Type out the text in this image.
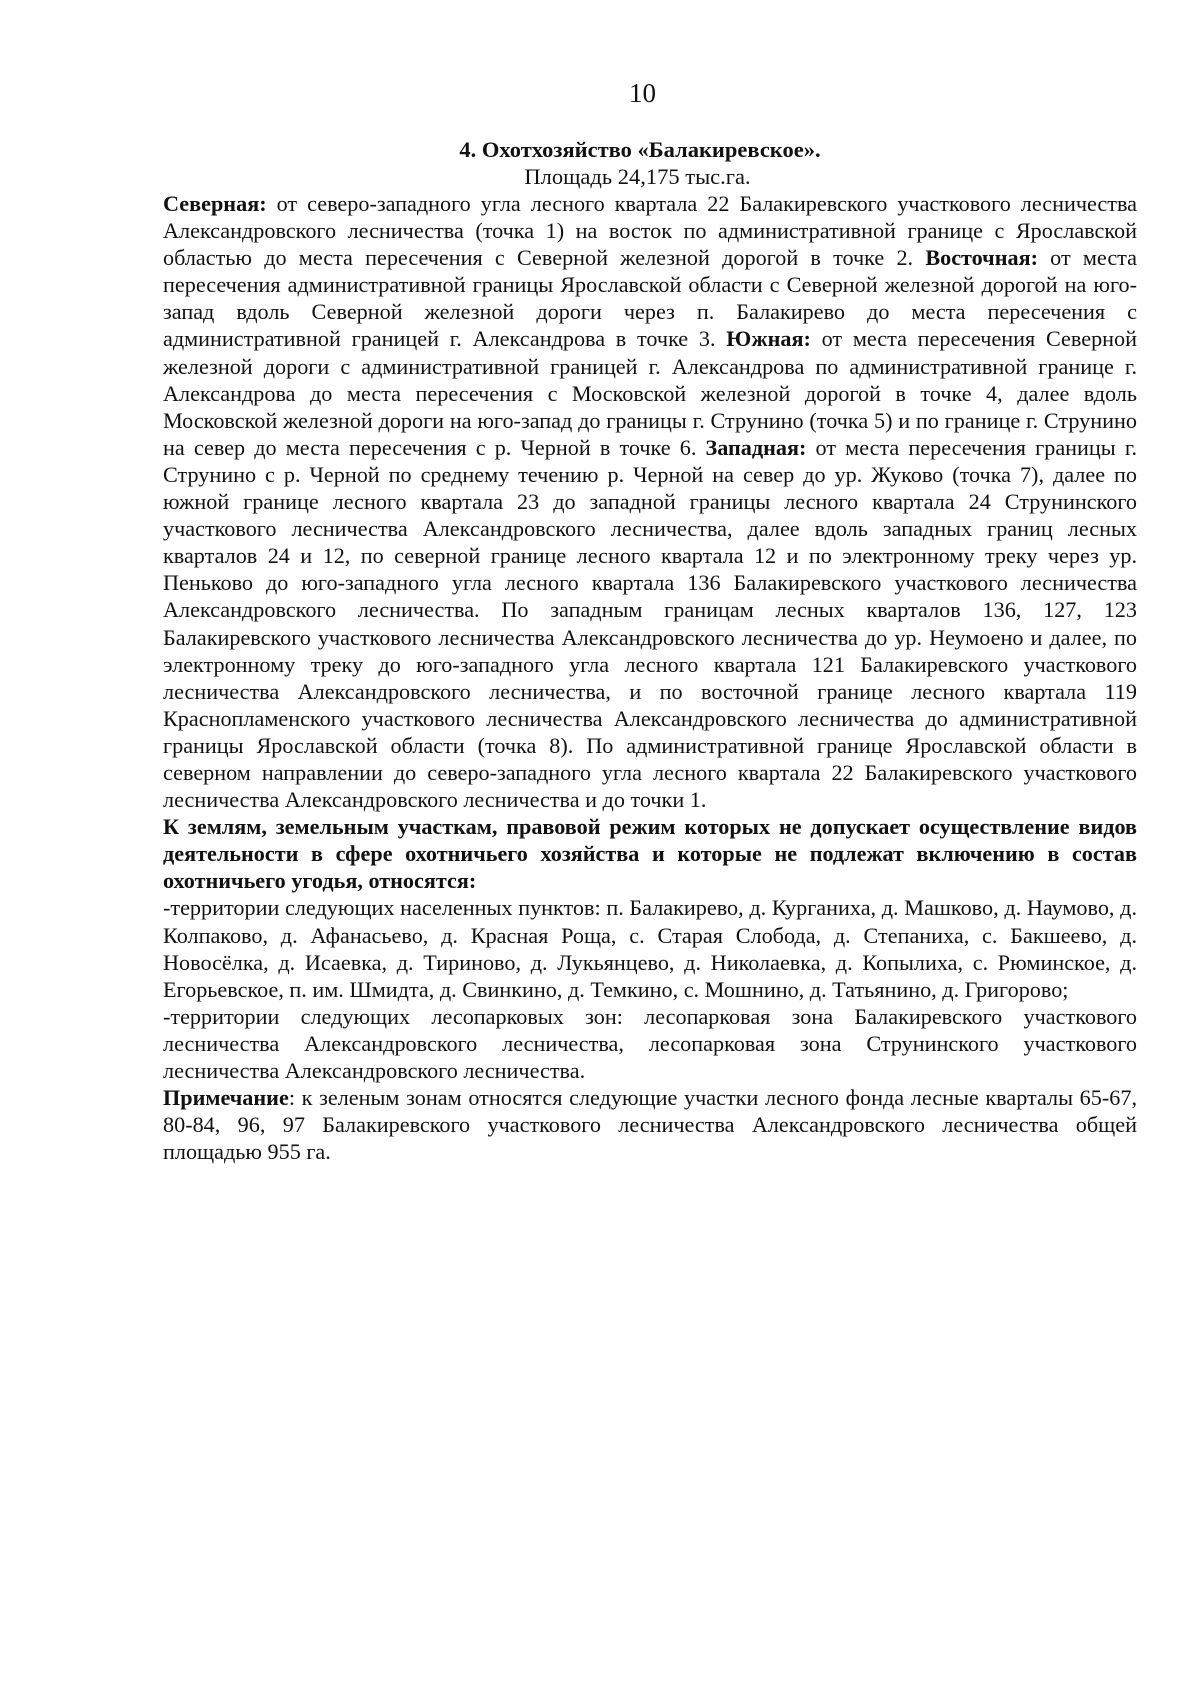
10
4. Охотхозяйство «Балакиревское».
Площадь 24,175 тыс.га.

Северная: от северо-западного угла лесного квартала 22 Балакиревского участкового лесничества Александровского лесничества (точка 1) на восток по административной границе с Ярославской областью до места пересечения с Северной железной дорогой в точке 2. Восточная: от места пересечения административной границы Ярославской области с Северной железной дорогой на юго-запад вдоль Северной железной дороги через п. Балакирево до места пересечения с административной границей г. Александрова в точке 3. Южная: от места пересечения Северной железной дороги с административной границей г. Александрова по административной границе г. Александрова до места пересечения с Московской железной дорогой в точке 4, далее вдоль Московской железной дороги на юго-запад до границы г. Струнино (точка 5) и по границе г. Струнино на север до места пересечения с р. Черной в точке 6. Западная: от места пересечения границы г. Струнино с р. Черной по среднему течению р. Черной на север до ур. Жуково (точка 7), далее по южной границе лесного квартала 23 до западной границы лесного квартала 24 Струнинского участкового лесничества Александровского лесничества, далее вдоль западных границ лесных кварталов 24 и 12, по северной границе лесного квартала 12 и по электронному треку через ур. Пеньково до юго-западного угла лесного квартала 136 Балакиревского участкового лесничества Александровского лесничества. По западным границам лесных кварталов 136, 127, 123 Балакиревского участкового лесничества Александровского лесничества до ур. Неумоено и далее, по электронному треку до юго-западного угла лесного квартала 121 Балакиревского участкового лесничества Александровского лесничества, и по восточной границе лесного квартала 119 Краснопламенского участкового лесничества Александровского лесничества до административной границы Ярославской области (точка 8). По административной границе Ярославской области в северном направлении до северо-западного угла лесного квартала 22 Балакиревского участкового лесничества Александровского лесничества и до точки 1.

К землям, земельным участкам, правовой режим которых не допускает осуществление видов деятельности в сфере охотничьего хозяйства и которые не подлежат включению в состав охотничьего угодья, относятся:

-территории следующих населенных пунктов: п. Балакирево, д. Курганиха, д. Машково, д. Наумово, д. Колпаково, д. Афанасьево, д. Красная Роща, с. Старая Слобода, д. Степаниха, с. Бакшеево, д. Новосёлка, д. Исаевка, д. Тириново, д. Лукьянцево, д. Николаевка, д. Копылиха, с. Рюминское, д. Егорьевское, п. им. Шмидта, д. Свинкино, д. Темкино, с. Мошнино, д. Татьянино, д. Григорово;

-территории следующих лесопарковых зон: лесопарковая зона Балакиревского участкового лесничества Александровского лесничества, лесопарковая зона Струнинского участкового лесничества Александровского лесничества.

Примечание: к зеленым зонам относятся следующие участки лесного фонда лесные кварталы 65-67, 80-84, 96, 97 Балакиревского участкового лесничества Александровского лесничества общей площадью 955 га.
